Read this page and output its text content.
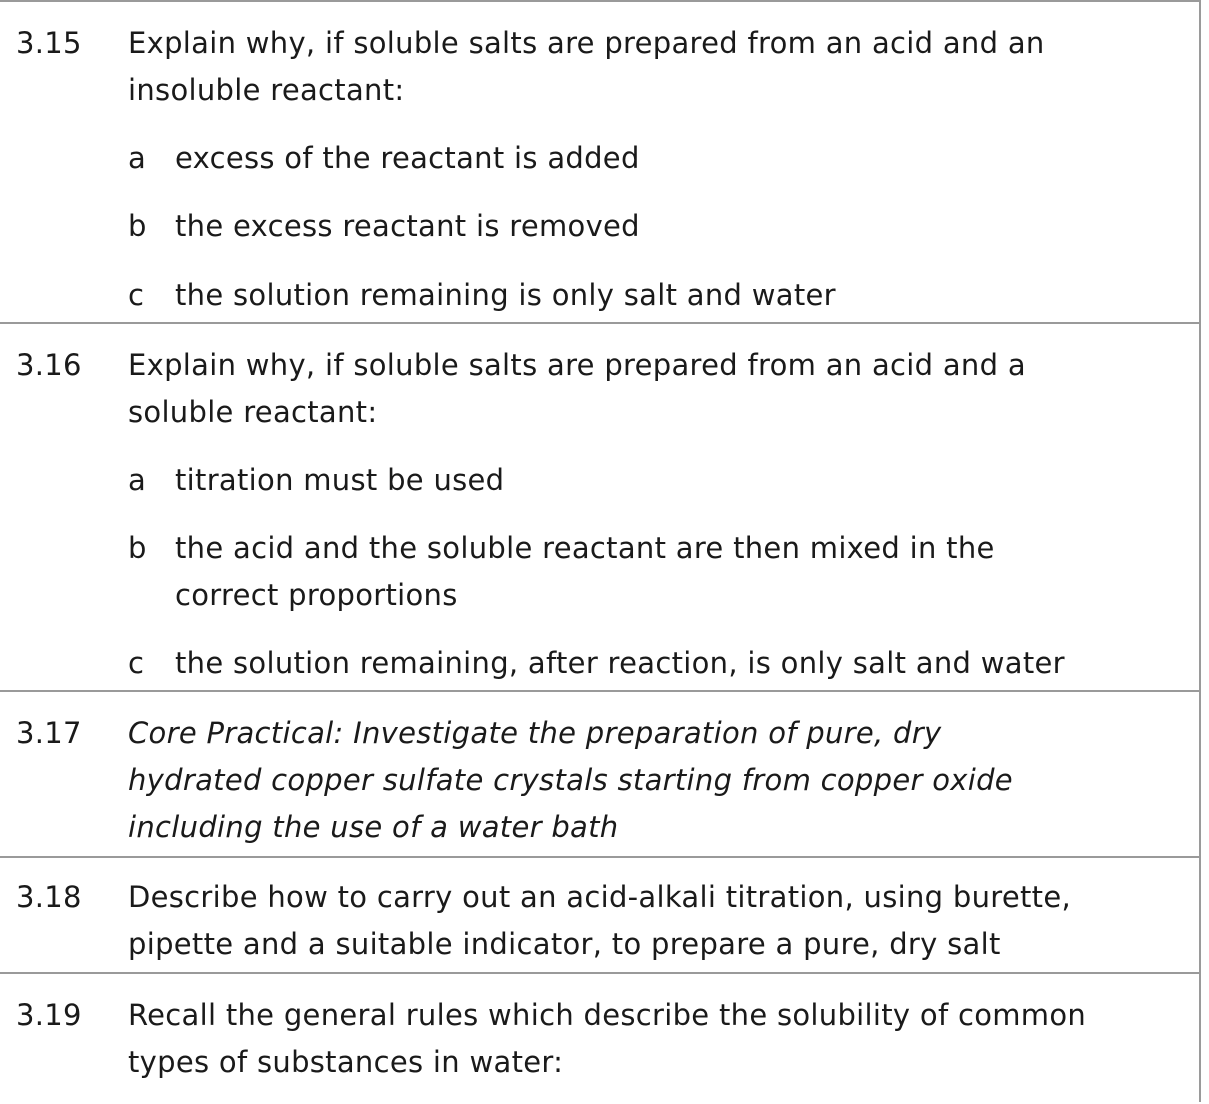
3.15 Explain why, if soluble salts are prepared from an acid and an
insoluble reactant:
a excess of the reactant is added
b the excess reactant is removed
c the solution remaining is only salt and water
3.16 Explain why, if soluble salts are prepared from an acid and a
soluble reactant:
a titration must be used
b the acid and the soluble reactant are then mixed in the
correct proportions
c the solution remaining, after reaction, is only salt and water
3.17 Core Practical: Investigate the preparation of pure, dry
hydrated copper sulfate crystals starting from copper oxide
including the use of a water bath
3.18 Describe how to carry out an acid-alkali titration, using burette,
pipette and a suitable indicator, to prepare a pure, dry salt
3.19 Recall the general rules which describe the solubility of common
types of substances in water:
